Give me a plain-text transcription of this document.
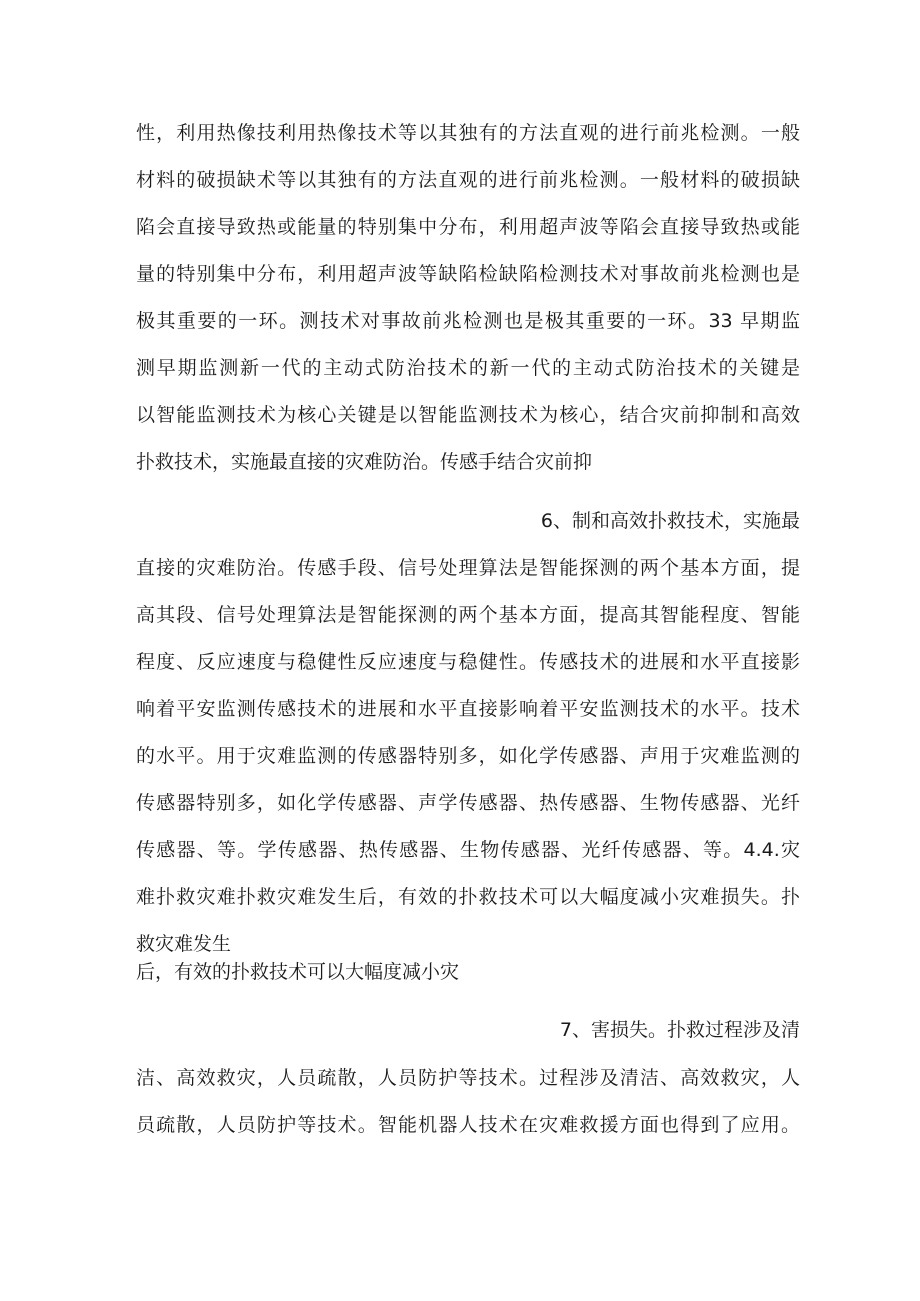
性，利用热像技利用热像技术等以其独有的方法直观的进行前兆检测。一般
材料的破损缺术等以其独有的方法直观的进行前兆检测。一般材料的破损缺
陷会直接导致热或能量的特别集中分布，利用超声波等陷会直接导致热或能
量的特别集中分布，利用超声波等缺陷检缺陷检测技术对事故前兆检测也是
极其重要的一环。测技术对事故前兆检测也是极其重要的一环。33 早期监
测早期监测新一代的主动式防治技术的新一代的主动式防治技术的关键是
以智能监测技术为核心关键是以智能监测技术为核心，结合灾前抑制和高效
扑救技术，实施最直接的灾难防治。传感手结合灾前抑
6、制和高效扑救技术，实施最
直接的灾难防治。传感手段、信号处理算法是智能探测的两个基本方面，提
高其段、信号处理算法是智能探测的两个基本方面，提高其智能程度、智能
程度、反应速度与稳健性反应速度与稳健性。传感技术的进展和水平直接影
响着平安监测传感技术的进展和水平直接影响着平安监测技术的水平。技术
的水平。用于灾难监测的传感器特别多，如化学传感器、声用于灾难监测的
传感器特别多，如化学传感器、声学传感器、热传感器、生物传感器、光纤
传感器、等。学传感器、热传感器、生物传感器、光纤传感器、等。4.4.灾
难扑救灾难扑救灾难发生后，有效的扑救技术可以大幅度减小灾难损失。扑
救灾难发生
后，有效的扑救技术可以大幅度减小灾
7、害损失。扑救过程涉及清
洁、高效救灾，人员疏散，人员防护等技术。过程涉及清洁、高效救灾，人
员疏散，人员防护等技术。智能机器人技术在灾难救援方面也得到了应用。
